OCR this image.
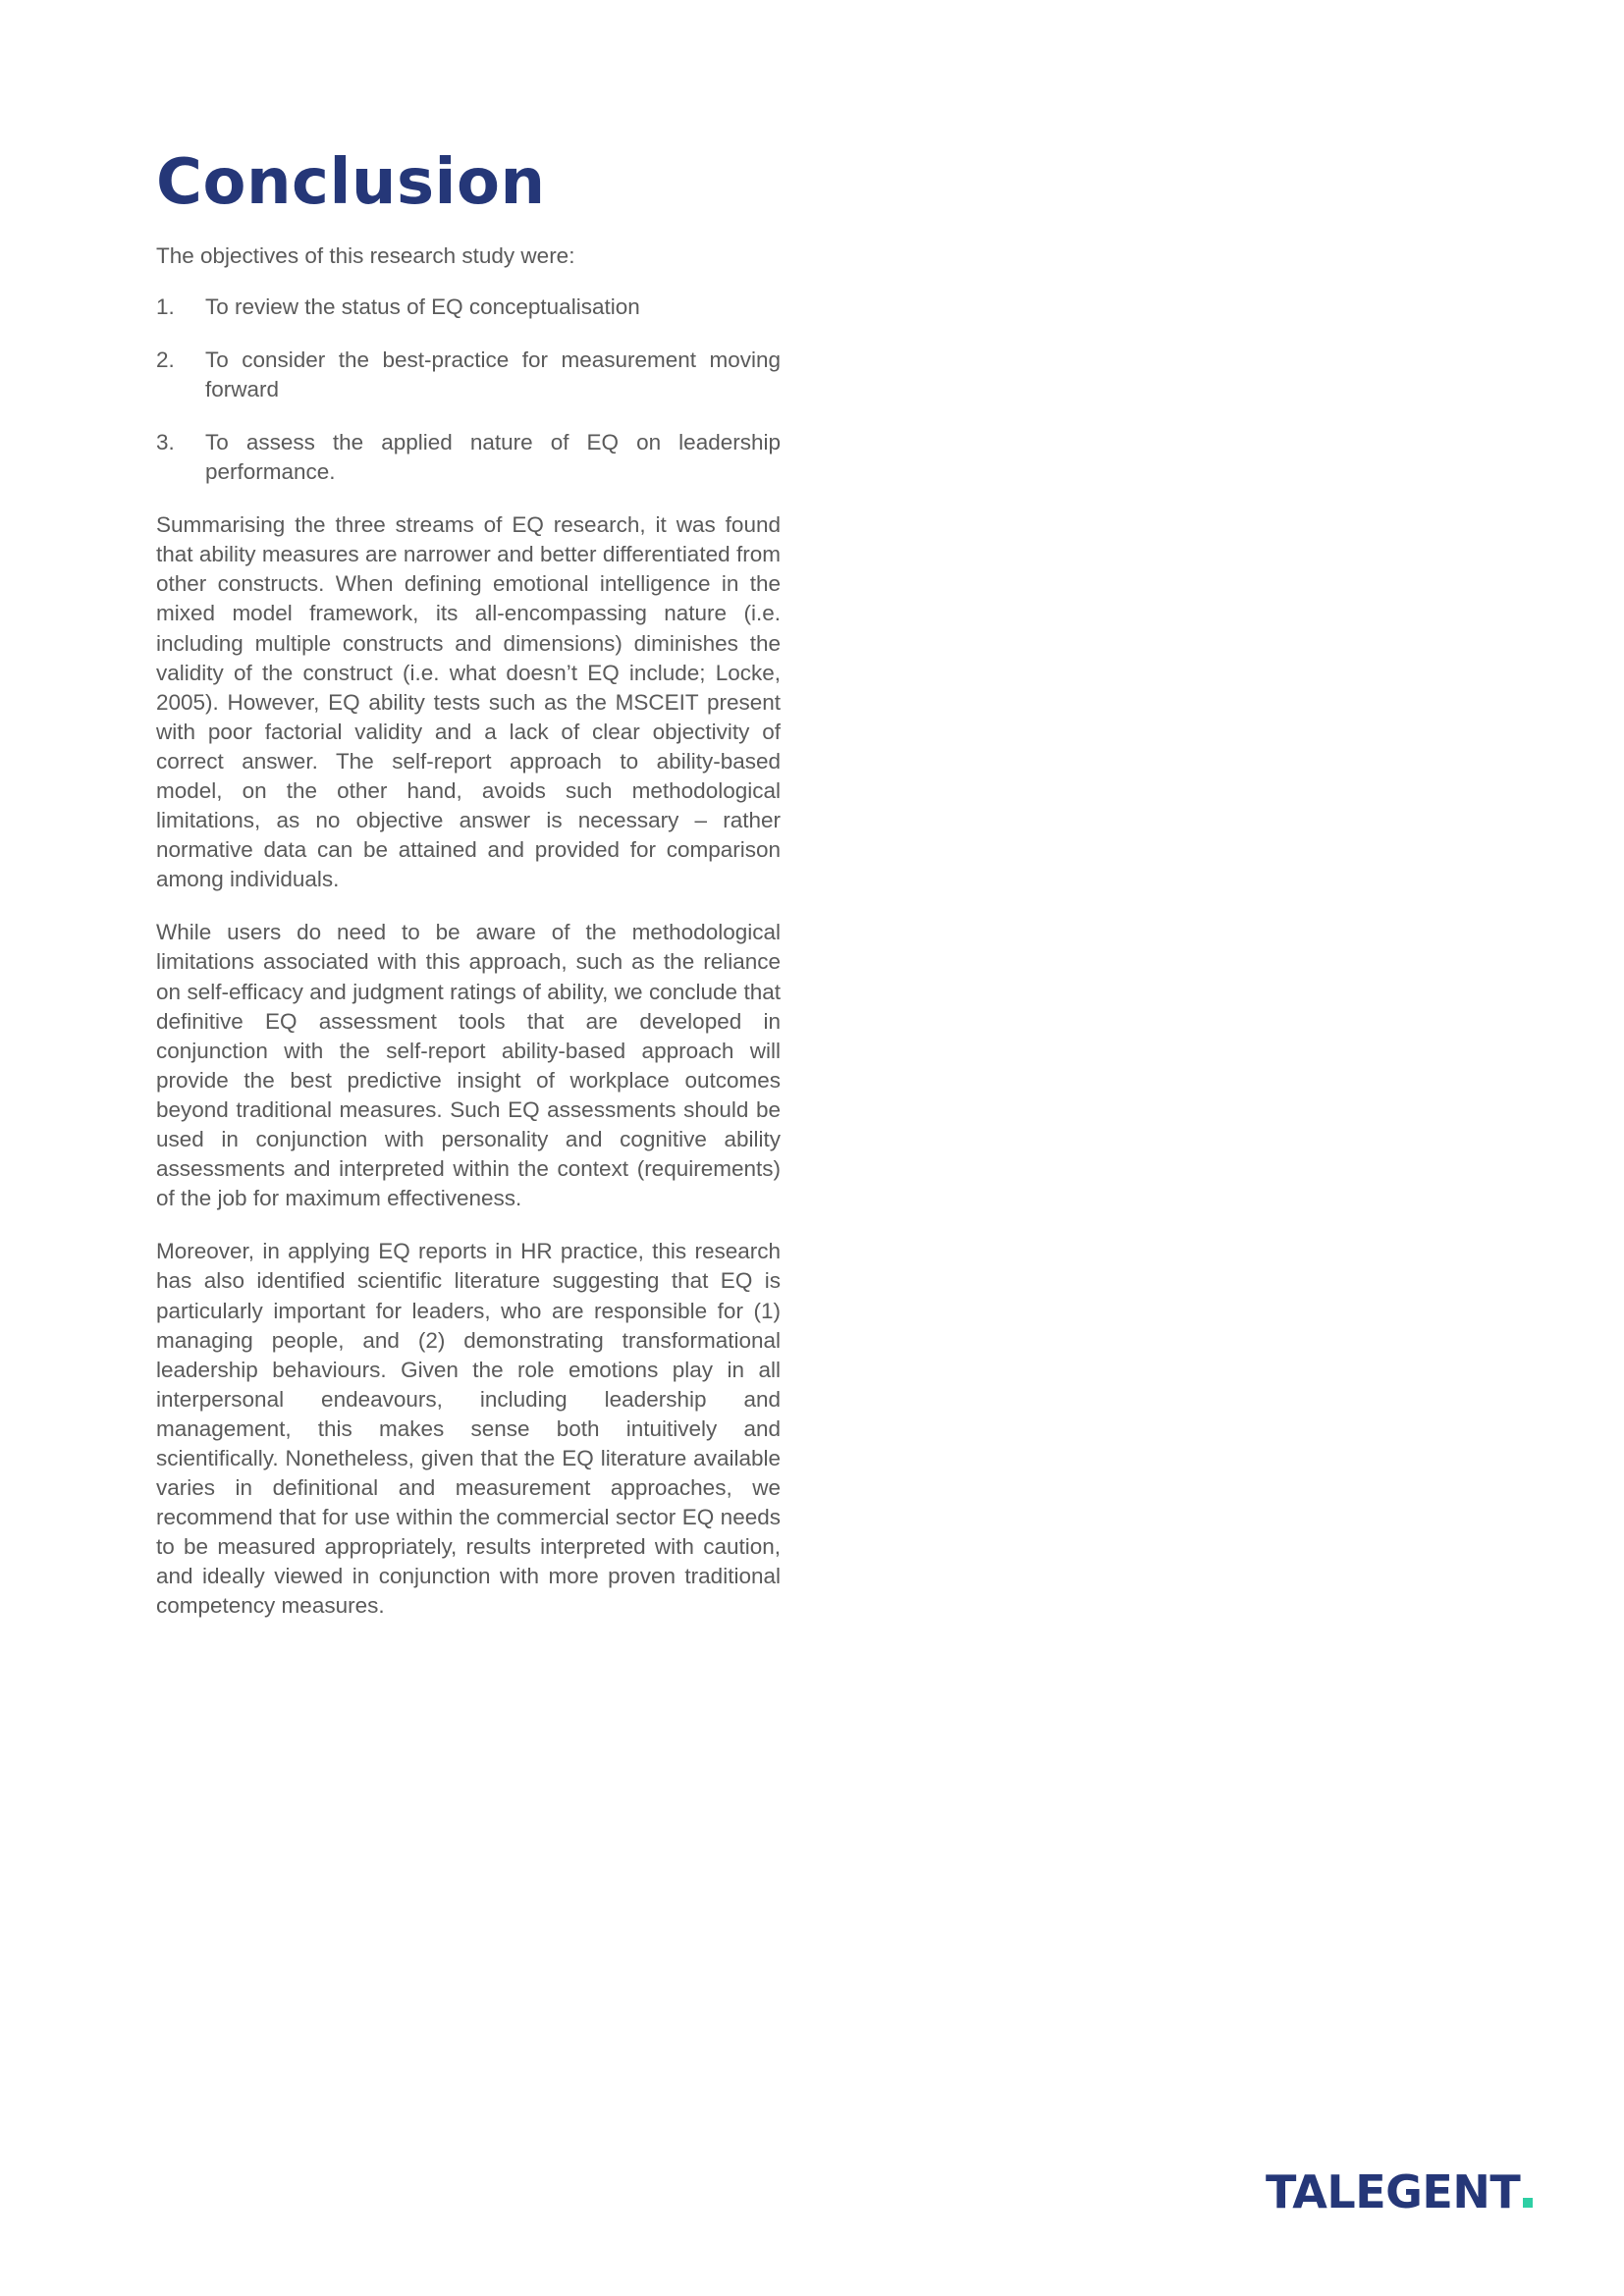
Conclusion

The objectives of this research study were:

1.	To review the status of EQ conceptualisation
2.	To consider the best-practice for measurement moving forward
3.	To assess the applied nature of EQ on leadership performance.

Summarising the three streams of EQ research, it was found that ability measures are narrower and better differentiated from other constructs. When defining emotional intelligence in the mixed model framework, its all-encompassing nature (i.e. including multiple constructs and dimensions) diminishes the validity of the construct (i.e. what doesn’t EQ include; Locke, 2005). However, EQ ability tests such as the MSCEIT present with poor factorial validity and a lack of clear objectivity of correct answer. The self-report approach to ability-based model, on the other hand, avoids such methodological limitations, as no objective answer is necessary – rather normative data can be attained and provided for comparison among individuals.

While users do need to be aware of the methodological limitations associated with this approach, such as the reliance on self-efficacy and judgment ratings of ability, we conclude that definitive EQ assessment tools that are developed in conjunction with the self-report ability-based approach will provide the best predictive insight of workplace outcomes beyond traditional measures. Such EQ assessments should be used in conjunction with personality and cognitive ability assessments and interpreted within the context (requirements) of the job for maximum effectiveness.

Moreover, in applying EQ reports in HR practice, this research has also identified scientific literature suggesting that EQ is particularly important for leaders, who are responsible for (1) managing people, and (2) demonstrating transformational leadership behaviours. Given the role emotions play in all interpersonal endeavours, including leadership and management, this makes sense both intuitively and scientifically. Nonetheless, given that the EQ literature available varies in definitional and measurement approaches, we recommend that for use within the commercial sector EQ needs to be measured appropriately, results interpreted with caution, and ideally viewed in conjunction with more proven traditional competency measures.

TALEGENT
